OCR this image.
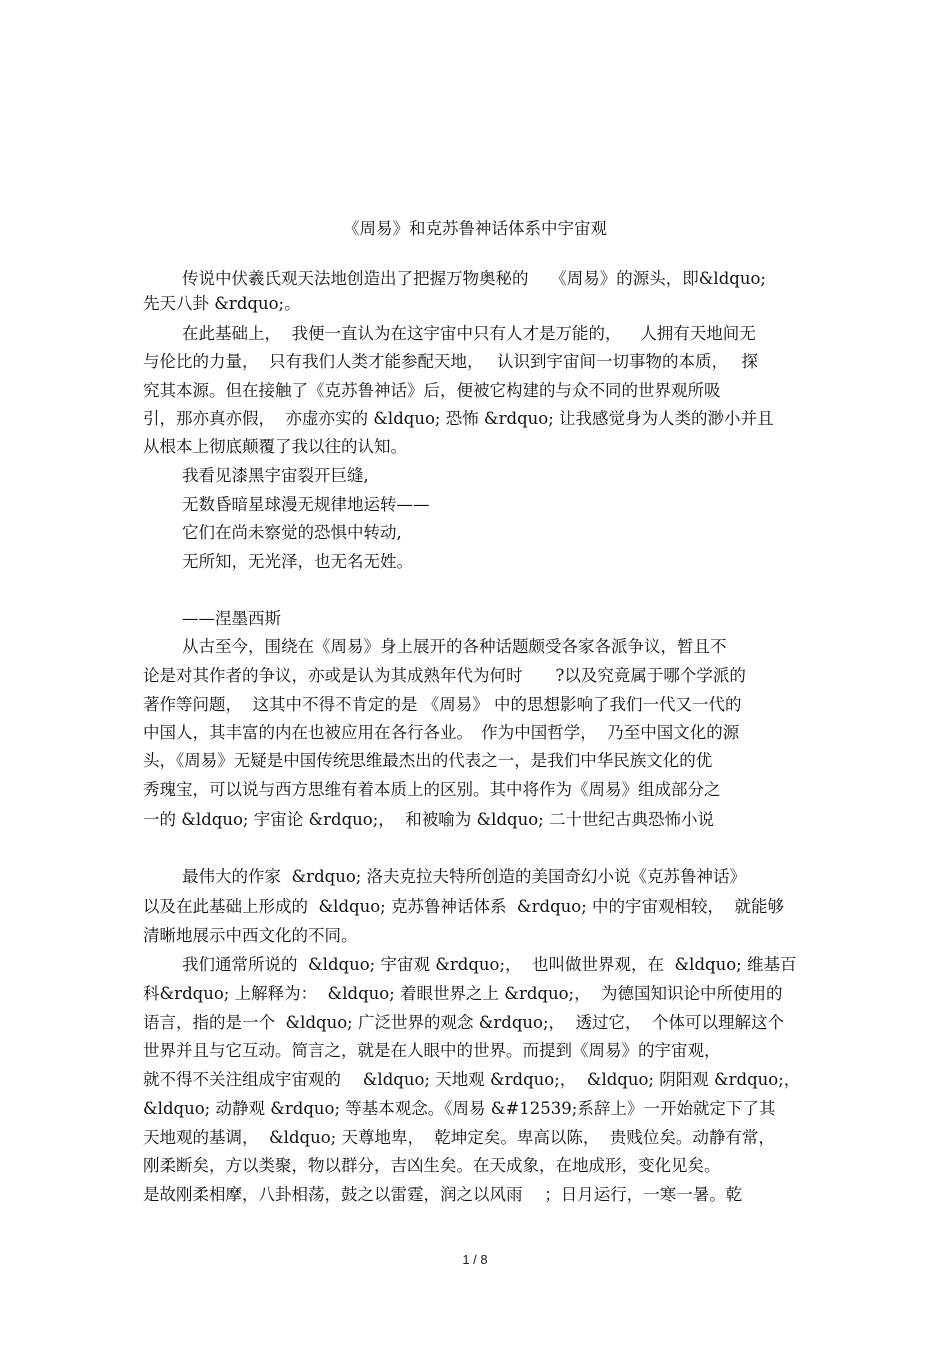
《周易》和克苏鲁神话体系中宇宙观
传说中伏羲氏观天法地创造出了把握万物奥秘的　 《周易》的源头，即&ldquo;
先天八卦 &rdquo;。
在此基础上，  我便一直认为在这宇宙中只有人才是万能的，　  人拥有天地间无
与伦比的力量，  只有我们人类才能参配天地，　 认识到宇宙间一切事物的本质，　 探
究其本源。但在接触了《克苏鲁神话》后，便被它构建的与众不同的世界观所吸
引，那亦真亦假，  亦虚亦实的 &ldquo; 恐怖 &rdquo; 让我感觉身为人类的渺小并且
从根本上彻底颠覆了我以往的认知。
我看见漆黑宇宙裂开巨缝,
无数昏暗星球漫无规律地运转——
它们在尚未察觉的恐惧中转动,
无所知，无光泽，也无名无姓。
——涅墨西斯
从古至今，围绕在《周易》身上展开的各种话题颇受各家各派争议，暂且不
论是对其作者的争议，亦或是认为其成熟年代为何时　　?以及究竟属于哪个学派的
著作等问题，  这其中不得不肯定的是 《周易》 中的思想影响了我们一代又一代的
中国人，其丰富的内在也被应用在各行各业。　作为中国哲学，  乃至中国文化的源
头，《周易》无疑是中国传统思维最杰出的代表之一，是我们中华民族文化的优
秀瑰宝，可以说与西方思维有着本质上的区别。其中将作为《周易》组成部分之
一的 &ldquo; 宇宙论 &rdquo;，  和被喻为 &ldquo; 二十世纪古典恐怖小说
最伟大的作家  &rdquo; 洛夫克拉夫特所创造的美国奇幻小说《克苏鲁神话》
以及在此基础上形成的  &ldquo; 克苏鲁神话体系  &rdquo; 中的宇宙观相较，  就能够
清晰地展示中西文化的不同。
我们通常所说的  &ldquo; 宇宙观 &rdquo;，  也叫做世界观，在  &ldquo; 维基百
科&rdquo; 上解释为：  &ldquo; 着眼世界之上 &rdquo;，  为德国知识论中所使用的
语言，指的是一个  &ldquo; 广泛世界的观念 &rdquo;，  透过它，  个体可以理解这个
世界并且与它互动。简言之，就是在人眼中的世界。而提到《周易》的宇宙观，
就不得不关注组成宇宙观的　 &ldquo; 天地观 &rdquo;，  &ldquo; 阴阳观 &rdquo;，
&ldquo; 动静观 &rdquo; 等基本观念。《周易 &#12539;系辞上》一开始就定下了其
天地观的基调，  &ldquo; 天尊地卑，  乾坤定矣。卑高以陈，  贵贱位矣。动静有常，
刚柔断矣，方以类聚，物以群分，吉凶生矣。在天成象，在地成形，变化见矣。
是故刚柔相摩，八卦相荡，鼓之以雷霆，润之以风雨　 ；日月运行，一寒一暑。乾
1 / 8
